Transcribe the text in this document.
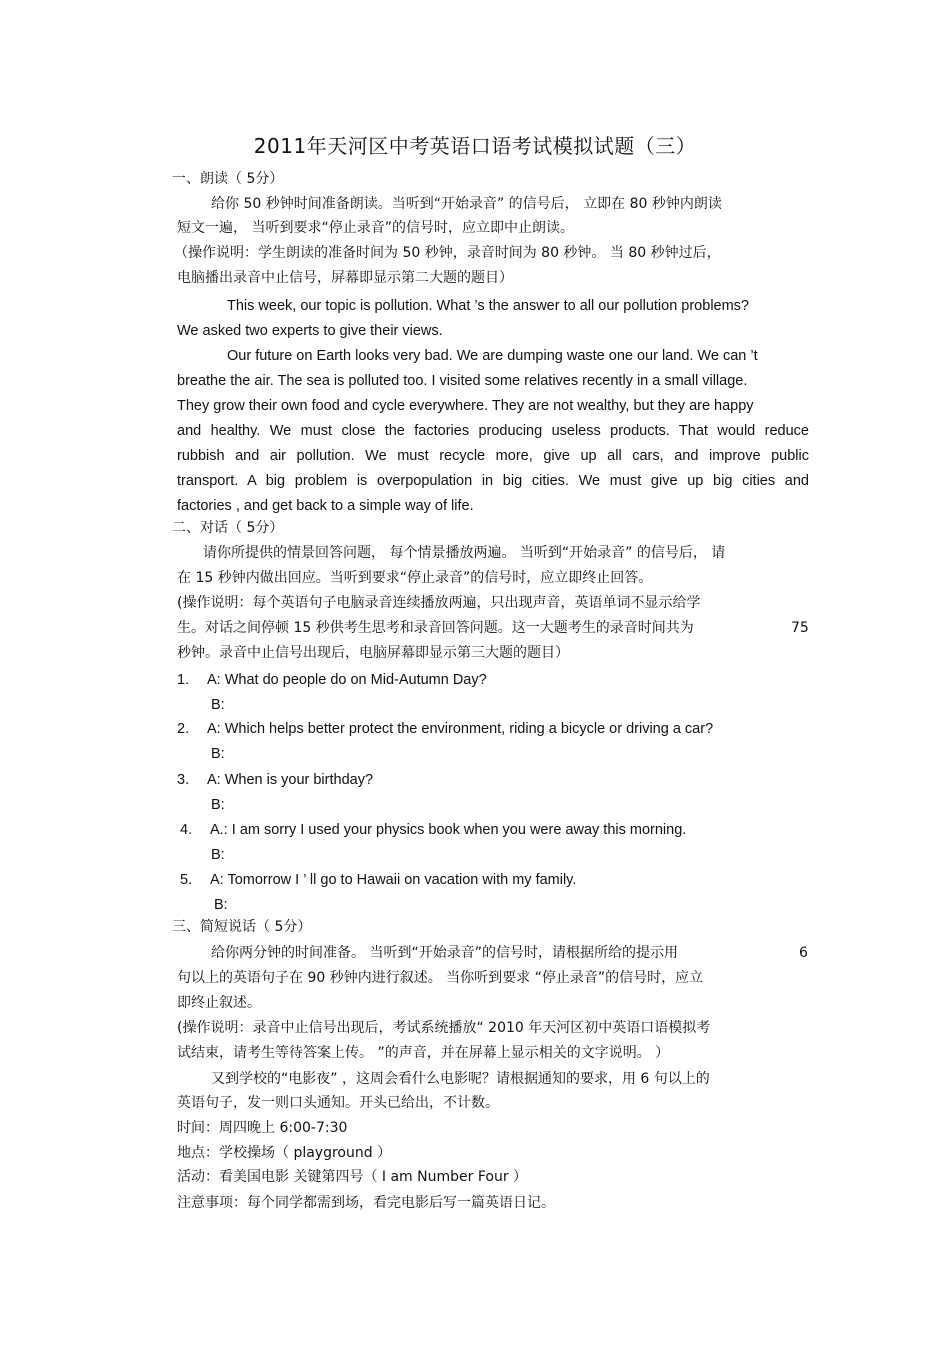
2011年天河区中考英语口语考试模拟试题（三）
一、朗读（ 5分）
给你 50 秒钟时间准备朗读。当听到“开始录音” 的信号后， 立即在 80 秒钟内朗读
短文一遍， 当听到要求“停止录音”的信号时，应立即中止朗读。
（操作说明：学生朗读的准备时间为 50 秒钟，录音时间为 80 秒钟。 当 80 秒钟过后，
电脑播出录音中止信号，屏幕即显示第二大题的题目）
This week, our topic is pollution. What ’s the answer to all our pollution problems?
We asked two experts to give their views.
Our future on Earth looks very bad. We are dumping waste one our land. We can ’t
breathe the air. The sea is polluted too. I visited some relatives recently in a small village.
They grow their own food and cycle everywhere. They are not wealthy, but they are happy
and healthy. We must close the factories producing useless products. That would reduce
rubbish and air pollution. We must recycle more, give up all cars, and improve public
transport. A big problem is overpopulation in big cities. We must give up big cities and
factories , and get back to a simple way of life.
二、对话（ 5分）
请你所提供的情景回答问题， 每个情景播放两遍。 当听到“开始录音” 的信号后， 请
在 15 秒钟内做出回应。当听到要求“停止录音”的信号时，应立即终止回答。
(操作说明：每个英语句子电脑录音连续播放两遍，只出现声音，英语单词不显示给学
生。对话之间停顿 15 秒供考生思考和录音回答问题。这一大题考生的录音时间共为	75
秒钟。录音中止信号出现后，电脑屏幕即显示第三大题的题目）
1. A: What do people do on Mid-Autumn Day?
B:
2. A: Which helps better protect the environment, riding a bicycle or driving a car?
B:
3. A: When is your birthday?
B:
4. A.: I am sorry I used your physics book when you were away this morning.
B:
5. A: Tomorrow I ’ ll go to Hawaii on vacation with my family.
B:
三、简短说话（ 5分）
给你两分钟的时间准备。 当听到“开始录音”的信号时，请根据所给的提示用	6
句以上的英语句子在 90 秒钟内进行叙述。 当你听到要求 “停止录音”的信号时，应立
即终止叙述。
(操作说明：录音中止信号出现后，考试系统播放“ 2010 年天河区初中英语口语模拟考
试结束，请考生等待答案上传。 ”的声音，并在屏幕上显示相关的文字说明。 ）
又到学校的“电影夜” ，这周会看什么电影呢？请根据通知的要求，用 6 句以上的
英语句子，发一则口头通知。开头已给出，不计数。
时间：周四晚上 6:00-7:30
地点：学校操场（ playground ）
活动：看美国电影 关键第四号（ I am Number Four ）
注意事项：每个同学都需到场，看完电影后写一篇英语日记。
